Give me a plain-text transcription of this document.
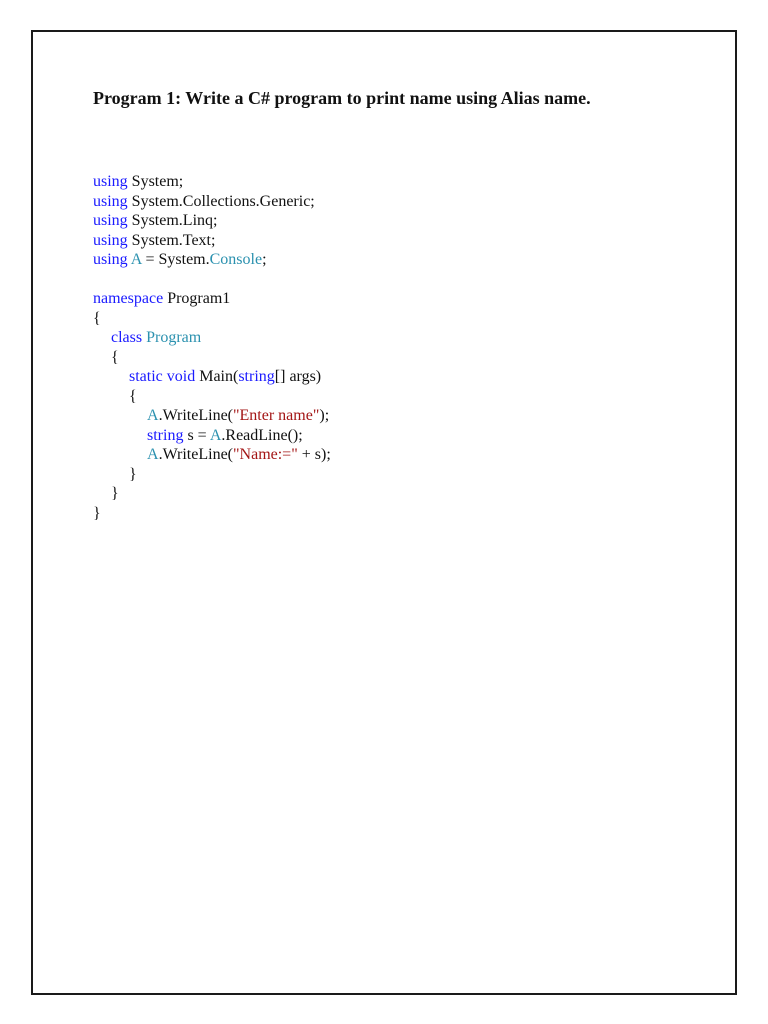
Program 1: Write a C# program to print name using Alias name.
using System;
using System.Collections.Generic;
using System.Linq;
using System.Text;
using A = System.Console;

namespace Program1
{
class Program
{
static void Main(string[] args)
{
A.WriteLine("Enter name");
string s = A.ReadLine();
A.WriteLine("Name:=" + s);
}
}
}
